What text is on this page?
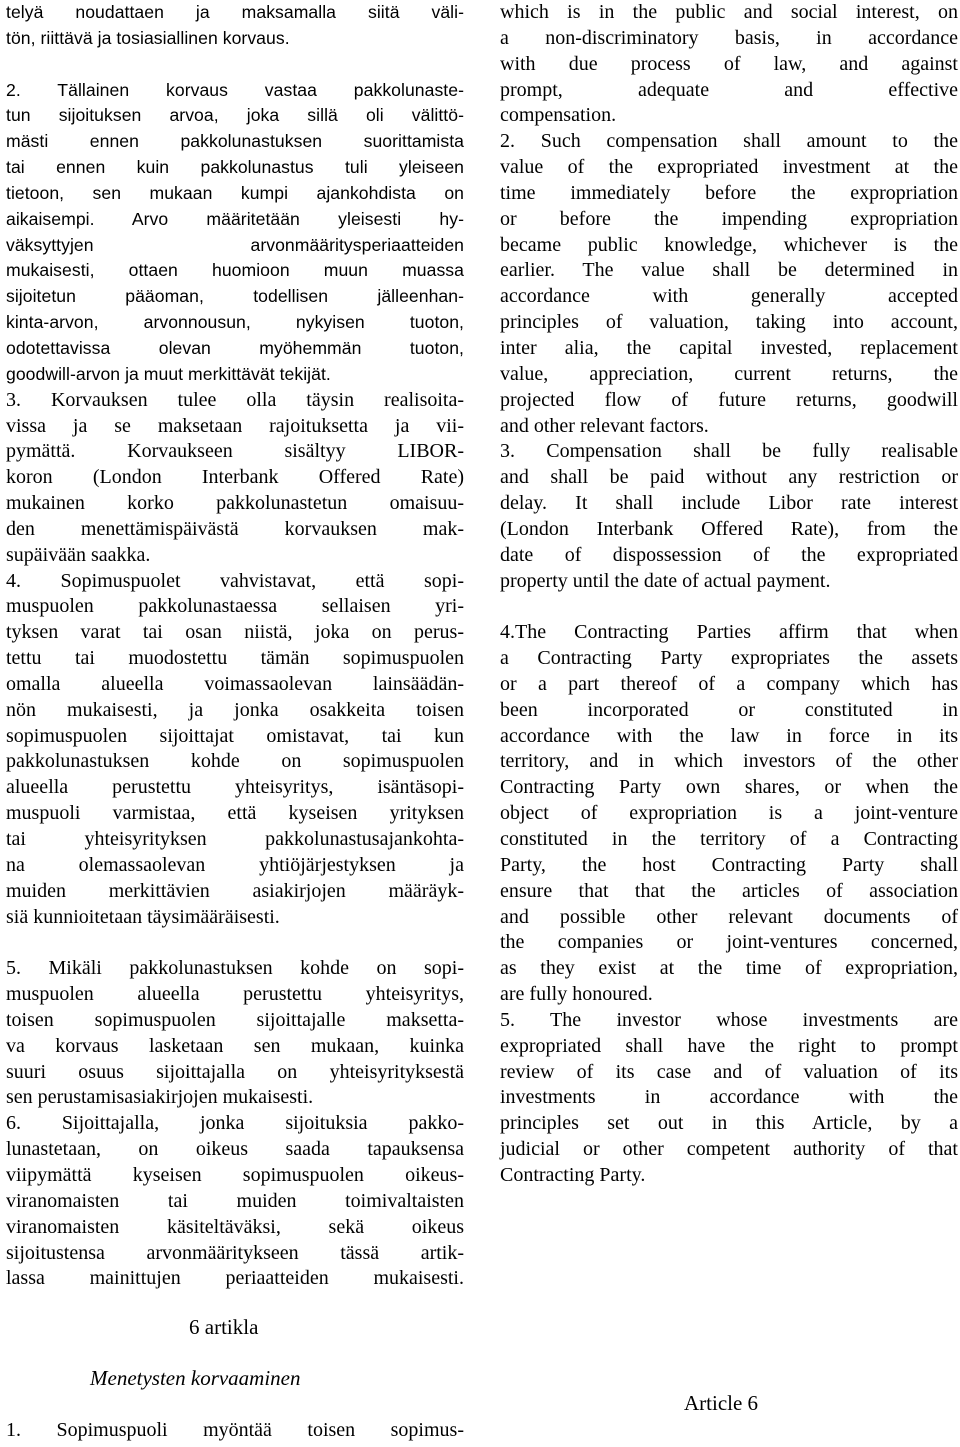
telyä noudattaen ja maksamalla siitä väli-
tön, riittävä ja tosiasiallinen korvaus.

2. Tällainen korvaus vastaa pakkolunaste-
tun sijoituksen arvoa, joka sillä oli välittö-
mästi ennen pakkolunastuksen suorittamista
tai ennen kuin pakkolunastus tuli yleiseen
tietoon, sen mukaan kumpi ajankohdista on
aikaisempi. Arvo määritetään yleisesti hy-
väksyttyjen arvonmääritysperiaatteiden
mukaisesti, ottaen huomioon muun muassa
sijoitetun pääoman, todellisen jälleenhan-
kinta-arvon, arvonnousun, nykyisen tuoton,
odotettavissa olevan myöhemmän tuoton,
goodwill-arvon ja muut merkittävät tekijät.
3. Korvauksen tulee olla täysin realisoita-
vissa ja se maksetaan rajoituksetta ja vii-
pymättä. Korvaukseen sisältyy LIBOR-
koron (London Interbank Offered Rate)
mukainen korko pakkolunastetun omaisuu-
den menettämispäivästä korvauksen mak-
supäivään saakka.
4. Sopimuspuolet vahvistavat, että sopi-
muspuolen pakkolunastaessa sellaisen yri-
tyksen varat tai osan niistä, joka on perus-
tettu tai muodostettu tämän sopimuspuolen
omalla alueella voimassaolevan lainsäädän-
nön mukaisesti, ja jonka osakkeita toisen
sopimuspuolen sijoittajat omistavat, tai kun
pakkolunastuksen kohde on sopimuspuolen
alueella perustettu yhteisyritys, isäntäsopi-
muspuoli varmistaa, että kyseisen yrityksen
tai yhteisyrityksen pakkolunastusajankohta-
na olemassaolevan yhtiöjärjestyksen ja
muiden merkittävien asiakirjojen määräyk-
siä kunnioitetaan täysimääräisesti.

5. Mikäli pakkolunastuksen kohde on sopi-
muspuolen alueella perustettu yhteisyritys,
toisen sopimuspuolen sijoittajalle maksetta-
va korvaus lasketaan sen mukaan, kuinka
suuri osuus sijoittajalla on yhteisyrityksestä
sen perustamisasiakirjojen mukaisesti.
6. Sijoittajalla, jonka sijoituksia pakko-
lunastetaan, on oikeus saada tapauksensa
viipymättä kyseisen sopimuspuolen oikeus-
viranomaisten tai muiden toimivaltaisten
viranomaisten käsiteltäväksi, sekä oikeus
sijoitustensa arvonmääritykseen tässä artik-
lassa mainittujen periaatteiden mukaisesti.
which is in the public and social interest, on
a non-discriminatory basis, in accordance
with due process of law, and against
prompt, adequate and effective
compensation.
2. Such compensation shall amount to the
value of the expropriated investment at the
time immediately before the expropriation
or before the impending expropriation
became public knowledge, whichever is the
earlier. The value shall be determined in
accordance with generally accepted
principles of valuation, taking into account,
inter alia, the capital invested, replacement
value, appreciation, current returns, the
projected flow of future returns, goodwill
and other relevant factors.
3. Compensation shall be fully realisable
and shall be paid without any restriction or
delay. It shall include Libor rate interest
(London Interbank Offered Rate), from the
date of dispossession of the expropriated
property until the date of actual payment.

4.The Contracting Parties affirm that when
a Contracting Party expropriates the assets
or a part thereof of a company which has
been incorporated or constituted in
accordance with the law in force in its
territory, and in which investors of the other
Contracting Party own shares, or when the
object of expropriation is a joint-venture
constituted in the territory of a Contracting
Party, the host Contracting Party shall
ensure that that the articles of association
and possible other relevant documents of
the companies or joint-ventures concerned,
as they exist at the time of expropriation,
are fully honoured.
5. The investor whose investments are
expropriated shall have the right to prompt
review of its case and of valuation of its
investments in accordance with the
principles set out in this Article, by a
judicial or other competent authority of that
Contracting Party.
6 artikla
Menetysten korvaaminen
1. Sopimuspuoli myöntää toisen sopimus-
Article 6
